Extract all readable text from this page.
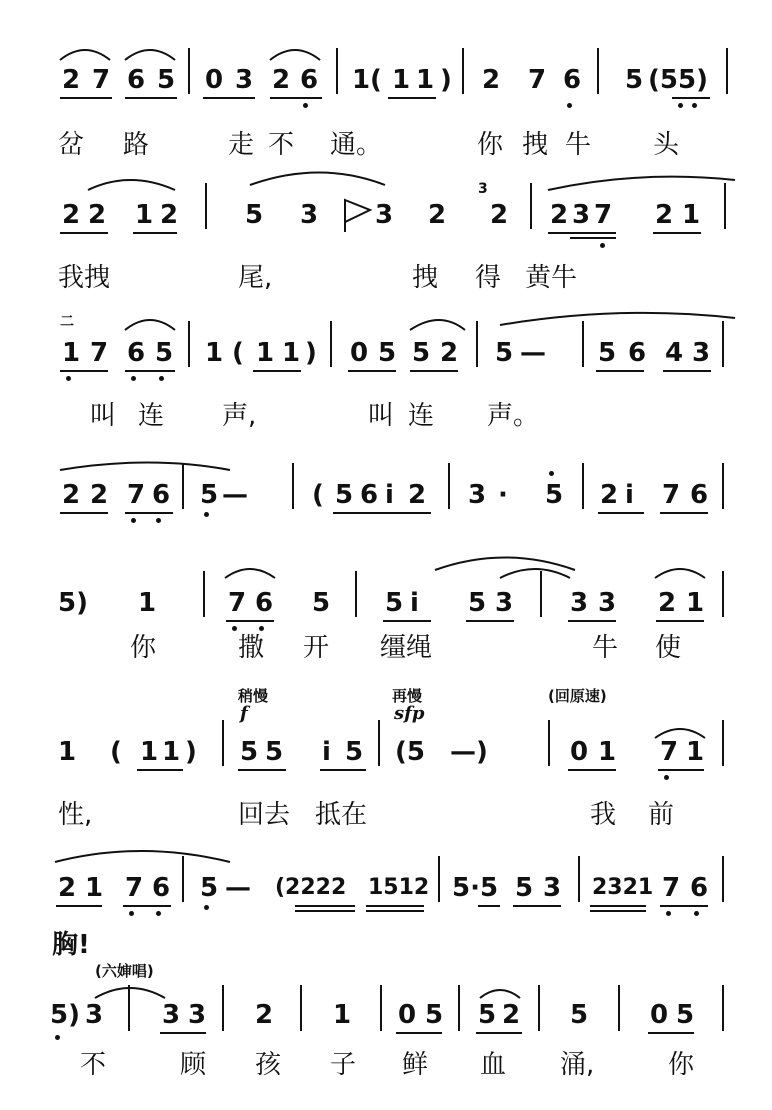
2 7 6 5 0 3 2 6 1 ( 1 1 ) 2 7 6 5 (55)
岔 路	走 不 通。	你 拽 牛 头
2 2 1 2	5 3 3 2
3
2 2 3 7 2 1
我拽	尾,	拽 得 黄牛
二
1 7 6 5 1 ( 1 1 ) 0 5 5 2 5 — 5 6 4 3
叫 连 声,	叫 连 声。
2 2 7 6 5 — ( 5 6 i 2 3 · 5 2 i 7 6
5) 1	7 6 5 5 i 5 3 3 3 2 1
你	撒 开 缰绳	牛 使
稍慢	再慢	(回原速)
f	sfp
1 ( 1 1 ) 5 5 i 5 (5 —)	0 1 7 1
性,	回去 抵在	我 前
2 1 7 6 5 — (2222 1512 5·5 5 3 2321 7 6
胸!
(六婶唱)
5) 3 3 3 2 1 0 5 5 2 5 0 5
不	顾 孩 子 鲜 血 涌,	你
